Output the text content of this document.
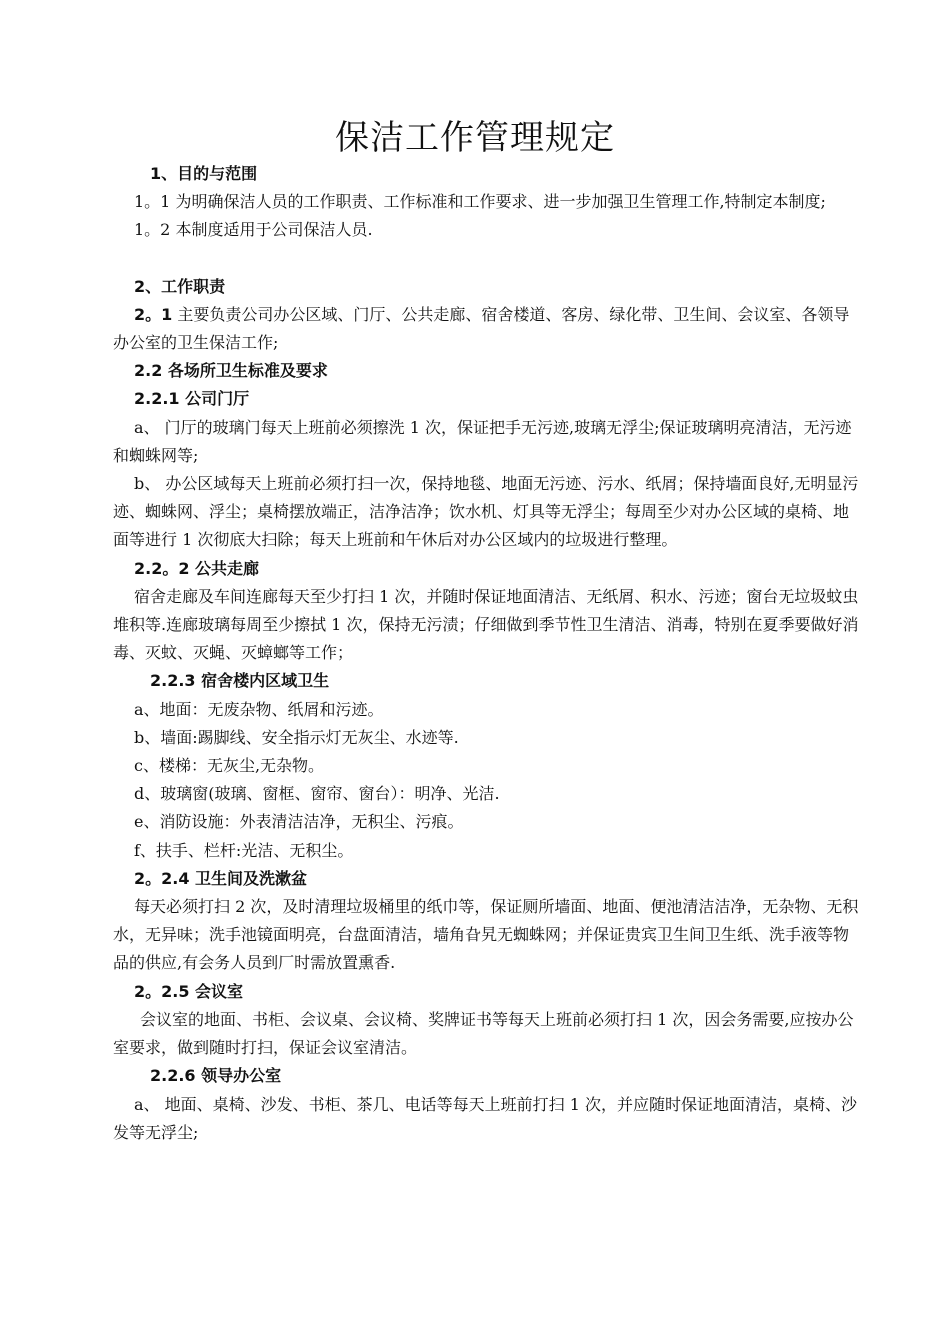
保洁工作管理规定

1、目的与范围

1。1 为明确保洁人员的工作职责、工作标准和工作要求、进一步加强卫生管理工作,特制定本制度;

1。2 本制度适用于公司保洁人员.

2、工作职责

2。1 主要负责公司办公区域、门厅、公共走廊、宿舍楼道、客房、绿化带、卫生间、会议室、各领导办公室的卫生保洁工作;

2.2 各场所卫生标准及要求

2.2.1 公司门厅

a、 门厅的玻璃门每天上班前必须擦洗 1 次，保证把手无污迹,玻璃无浮尘;保证玻璃明亮清洁，无污迹和蜘蛛网等;

b、 办公区域每天上班前必须打扫一次，保持地毯、地面无污迹、污水、纸屑；保持墙面良好,无明显污迹、蜘蛛网、浮尘；桌椅摆放端正，洁净洁净；饮水机、灯具等无浮尘；每周至少对办公区域的桌椅、地面等进行 1 次彻底大扫除；每天上班前和午休后对办公区域内的垃圾进行整理。

2.2。2 公共走廊

宿舍走廊及车间连廊每天至少打扫 1 次，并随时保证地面清洁、无纸屑、积水、污迹；窗台无垃圾蚊虫堆积等.连廊玻璃每周至少擦拭 1 次，保持无污渍；仔细做到季节性卫生清洁、消毒，特别在夏季要做好消毒、灭蚊、灭蝇、灭蟑螂等工作；

2.2.3 宿舍楼内区域卫生

a、地面：无废杂物、纸屑和污迹。

b、墙面:踢脚线、安全指示灯无灰尘、水迹等.

c、楼梯：无灰尘,无杂物。

d、玻璃窗(玻璃、窗框、窗帘、窗台）：明净、光洁.

e、消防设施：外表清洁洁净，无积尘、污痕。

f、扶手、栏杆:光洁、无积尘。

2。2.4 卫生间及洗漱盆

每天必须打扫 2 次，及时清理垃圾桶里的纸巾等，保证厕所墙面、地面、便池清洁洁净，无杂物、无积水，无异味；洗手池镜面明亮，台盘面清洁，墙角旮旯无蜘蛛网；并保证贵宾卫生间卫生纸、洗手液等物品的供应,有会务人员到厂时需放置熏香.

2。2.5 会议室

会议室的地面、书柜、会议桌、会议椅、奖牌证书等每天上班前必须打扫 1 次，因会务需要,应按办公室要求，做到随时打扫，保证会议室清洁。

2.2.6 领导办公室

a、 地面、桌椅、沙发、书柜、茶几、电话等每天上班前打扫 1 次，并应随时保证地面清洁，桌椅、沙发等无浮尘;
